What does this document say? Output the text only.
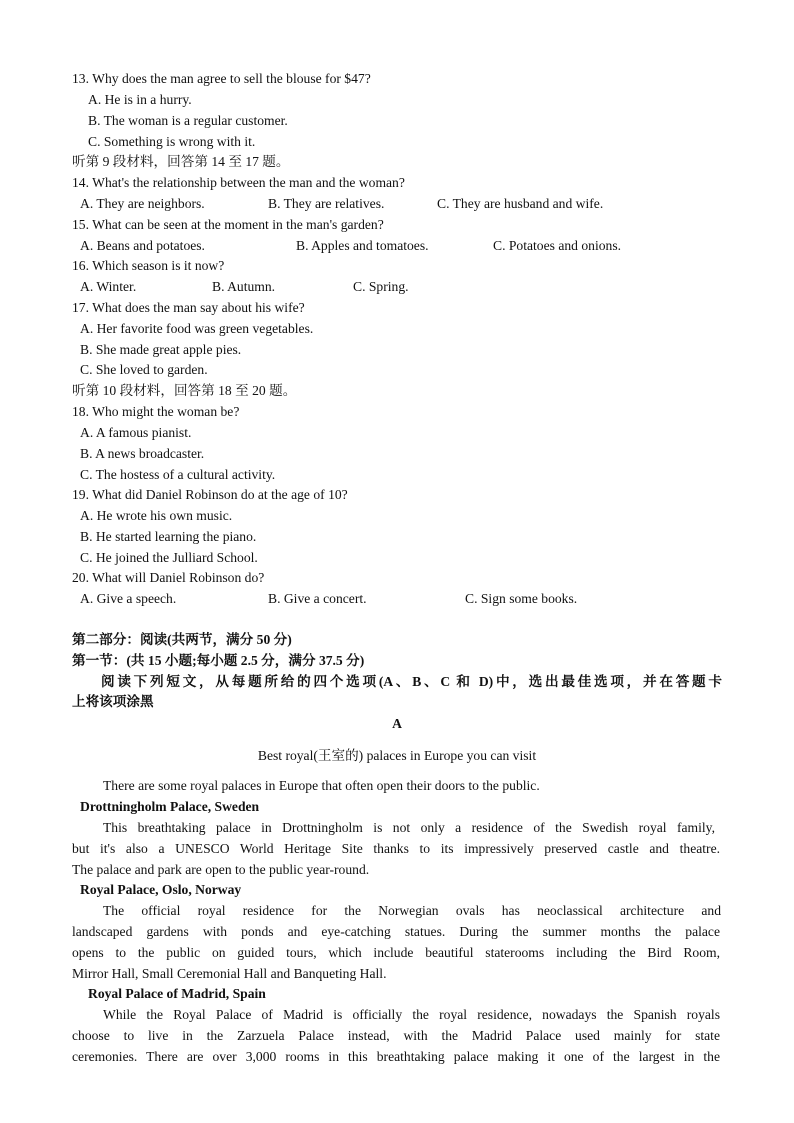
13. Why does the man agree to sell the blouse for $47?
A. He is in a hurry.
B. The woman is a regular customer.
C. Something is wrong with it.
听第 9 段材料，回答第 14 至 17 题。
14. What's the relationship between the man and the woman?
A. They are neighbors.	B. They are relatives.	C. They are husband and wife.
15. What can be seen at the moment in the man's garden?
A. Beans and potatoes.	B. Apples and tomatoes.	C. Potatoes and onions.
16. Which season is it now?
A. Winter.	B. Autumn.	C. Spring.
17. What does the man say about his wife?
A. Her favorite food was green vegetables.
B. She made great apple pies.
C. She loved to garden.
听第 10 段材料，回答第 18 至 20 题。
18. Who might the woman be?
A. A famous pianist.
B. A news broadcaster.
C. The hostess of a cultural activity.
19. What did Daniel Robinson do at the age of 10?
A. He wrote his own music.
B. He started learning the piano.
C. He joined the Julliard School.
20. What will Daniel Robinson do?
A. Give a speech.	B. Give a concert.	C. Sign some books.
第二部分：阅读(共两节，满分 50 分)
第一节：(共 15 小题;每小题 2.5 分，满分 37.5 分)
阅读下列短文，从每题所给的四个选项(A、B、C 和 D)中，选出最佳选项，并在答题卡
上将该项涂黑
A
Best royal(王室的) palaces in Europe you can visit
There are some royal palaces in Europe that often open their doors to the public.
Drottningholm Palace, Sweden
This breathtaking palace in Drottningholm is not only a residence of the Swedish royal family,
but it's also a UNESCO World Heritage Site thanks to its impressively preserved castle and theatre.
The palace and park are open to the public year-round.
Royal Palace, Oslo, Norway
The official royal residence for the Norwegian ovals has neoclassical architecture and
landscaped gardens with ponds and eye-catching statues. During the summer months the palace
opens to the public on guided tours, which include beautiful staterooms including the Bird Room,
Mirror Hall, Small Ceremonial Hall and Banqueting Hall.
Royal Palace of Madrid, Spain
While the Royal Palace of Madrid is officially the royal residence, nowadays the Spanish royals
choose to live in the Zarzuela Palace instead, with the Madrid Palace used mainly for state
ceremonies. There are over 3,000 rooms in this breathtaking palace making it one of the largest in the
